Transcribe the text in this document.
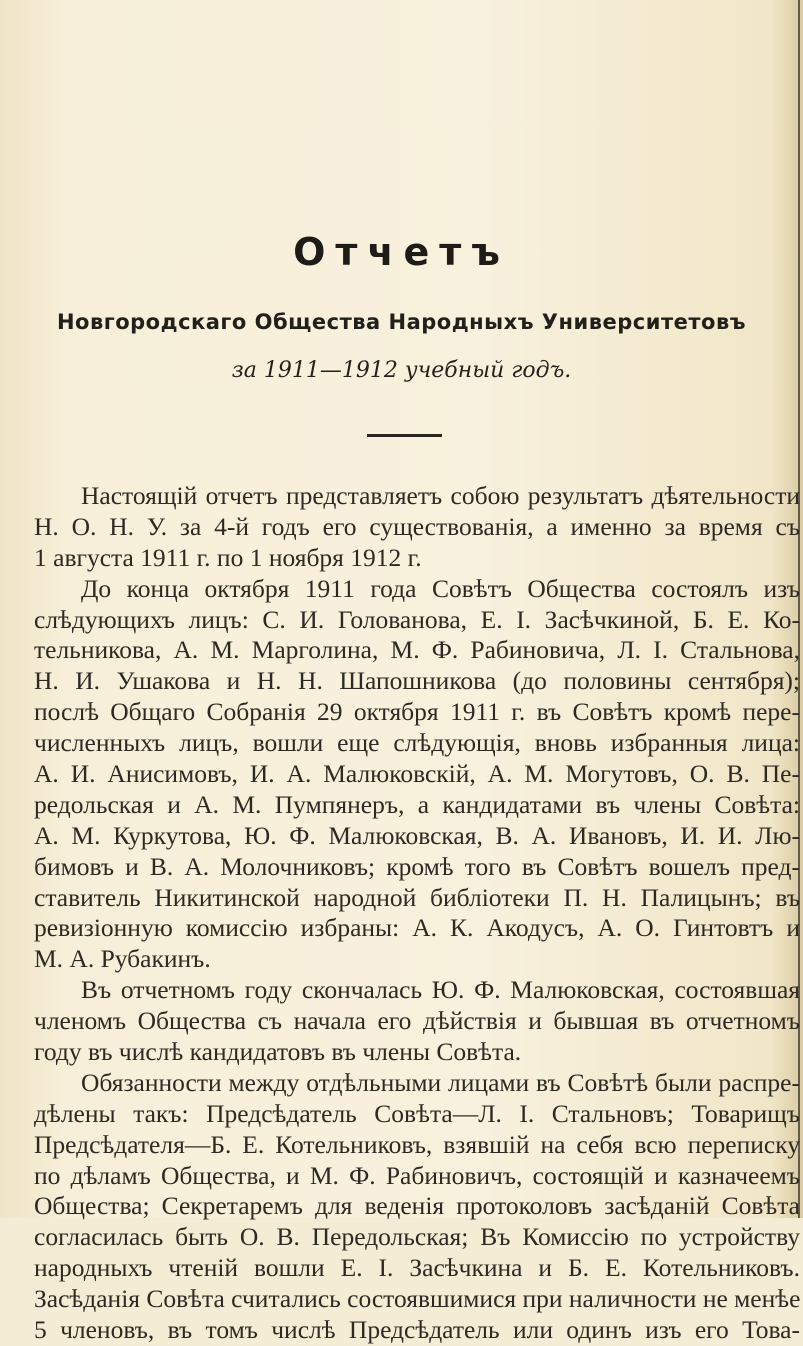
Отчетъ
Новгородскаго Общества Народныхъ Университетовъ
за 1911—1912 учебный годъ.
Настоящій отчетъ представляетъ собою результатъ дѣятельности
Н. О. Н. У. за 4-й годъ его существованія, а именно за время съ
1 августа 1911 г. по 1 ноября 1912 г.
До конца октября 1911 года Совѣтъ Общества состоялъ изъ
слѣдующихъ лицъ: С. И. Голованова, Е. І. Засѣчкиной, Б. Е. Ко-
тельникова, А. М. Марголина, М. Ф. Рабиновича, Л. І. Стальнова,
Н. И. Ушакова и Н. Н. Шапошникова (до половины сентября);
послѣ Общаго Собранія 29 октября 1911 г. въ Совѣтъ кромѣ пере-
численныхъ лицъ, вошли еще слѣдующія, вновь избранныя лица:
А. И. Анисимовъ, И. А. Малюковскій, А. М. Могутовъ, О. В. Пе-
редольская и А. М. Пумпянеръ, а кандидатами въ члены Совѣта:
А. М. Куркутова, Ю. Ф. Малюковская, В. А. Ивановъ, И. И. Лю-
бимовъ и В. А. Молочниковъ; кромѣ того въ Совѣтъ вошелъ пред-
ставитель Никитинской народной библіотеки П. Н. Палицынъ; въ
ревизіонную комиссію избраны: А. К. Акодусъ, А. О. Гинтовтъ и
М. А. Рубакинъ.
Въ отчетномъ году скончалась Ю. Ф. Малюковская, состоявшая
членомъ Общества съ начала его дѣйствія и бывшая въ отчетномъ
году въ числѣ кандидатовъ въ члены Совѣта.
Обязанности между отдѣльными лицами въ Совѣтѣ были распре-
дѣлены такъ: Предсѣдатель Совѣта—Л. І. Стальновъ; Товарищъ
Предсѣдателя—Б. Е. Котельниковъ, взявшій на себя всю переписку
по дѣламъ Общества, и М. Ф. Рабиновичъ, состоящій и казначеемъ
Общества; Секретаремъ для веденія протоколовъ засѣданій Совѣта
согласилась быть О. В. Передольская; Въ Комиссію по устройству
народныхъ чтеній вошли Е. І. Засѣчкина и Б. Е. Котельниковъ.
Засѣданія Совѣта считались состоявшимися при наличности не менѣе
5 членовъ, въ томъ числѣ Предсѣдатель или одинъ изъ его Това-
